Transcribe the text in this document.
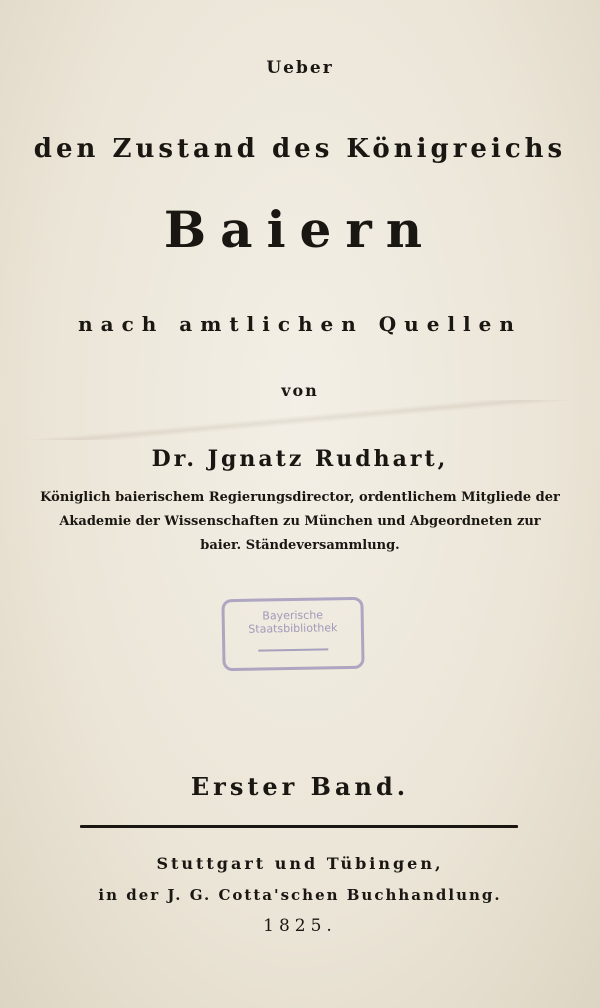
Ueber
den Zustand des Königreichs
Baiern
nach amtlichen Quellen
von
Dr. Jgnatz Rudhart,
Königlich baierischem Regierungsdirector, ordentlichem Mitgliede der
Akademie der Wissenschaften zu München und Abgeordneten zur
baier. Ständeversammlung.
Bayerische
Staatsbibliothek
Erster Band.
Stuttgart und Tübingen,
in der J. G. Cotta'schen Buchhandlung.
1825.
